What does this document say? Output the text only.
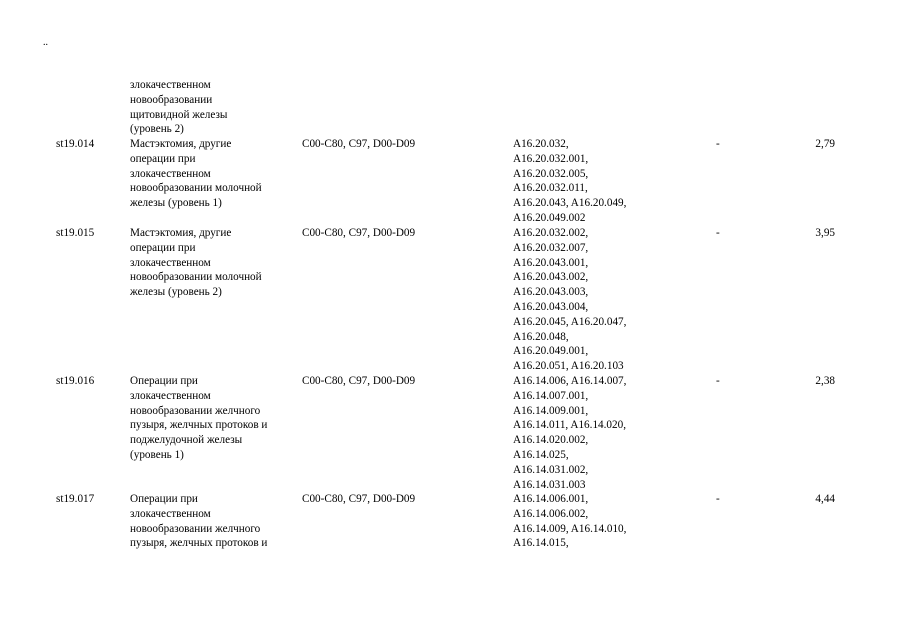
..
злокачественном
новообразовании
щитовидной железы
(уровень 2)
st19.014	Мастэктомия, другие
операции при
злокачественном
новообразовании молочной
железы (уровень 1)
C00-C80, C97, D00-D09	A16.20.032,
A16.20.032.001,
A16.20.032.005,
A16.20.032.011,
A16.20.043, A16.20.049,
A16.20.049.002
-	2,79
st19.015	Мастэктомия, другие
операции при
злокачественном
новообразовании молочной
железы (уровень 2)
C00-C80, C97, D00-D09	A16.20.032.002,
A16.20.032.007,
A16.20.043.001,
A16.20.043.002,
A16.20.043.003,
A16.20.043.004,
A16.20.045, A16.20.047,
A16.20.048,
A16.20.049.001,
A16.20.051, A16.20.103
-	3,95
st19.016	Операции при
злокачественном
новообразовании желчного
пузыря, желчных протоков и
поджелудочной железы
(уровень 1)
C00-C80, C97, D00-D09	A16.14.006, A16.14.007,
A16.14.007.001,
A16.14.009.001,
A16.14.011, A16.14.020,
A16.14.020.002,
A16.14.025,
A16.14.031.002,
A16.14.031.003
-	2,38
st19.017	Операции при
злокачественном
новообразовании желчного
пузыря, желчных протоков и
C00-C80, C97, D00-D09	A16.14.006.001,
A16.14.006.002,
A16.14.009, A16.14.010,
A16.14.015,
-	4,44
